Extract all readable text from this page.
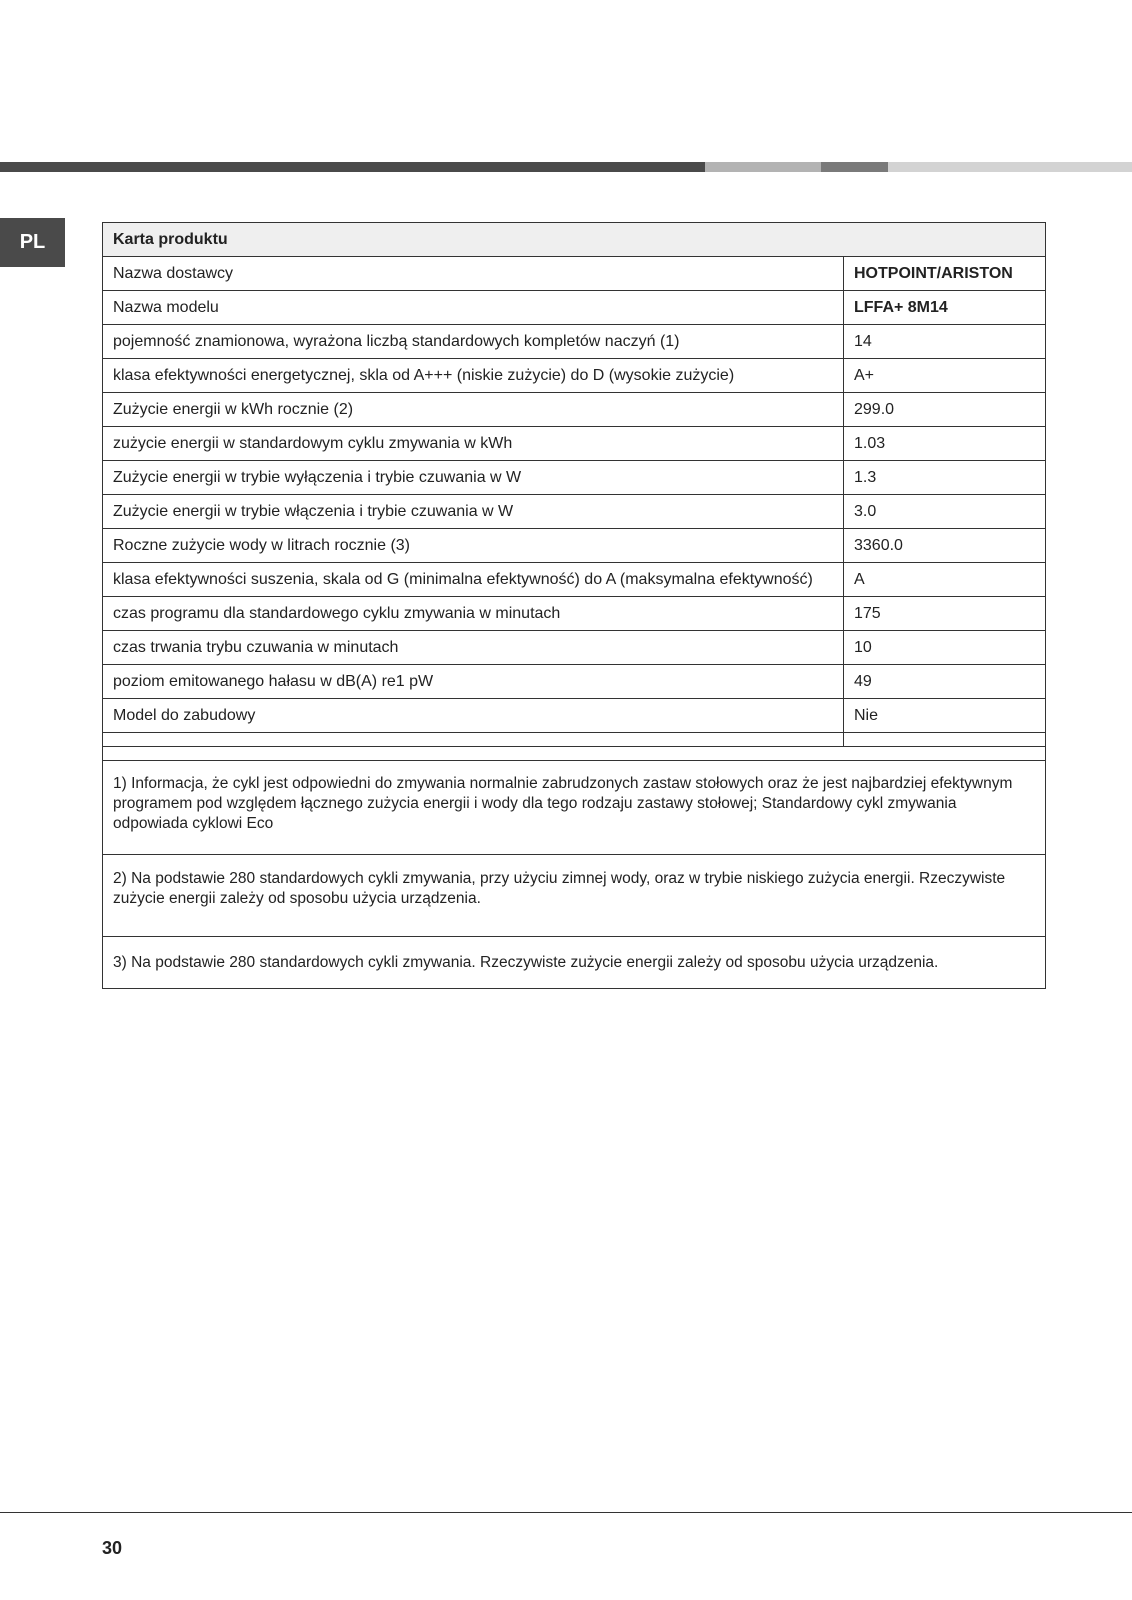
PL	Karta produktu	
Nazwa dostawcy	HOTPOINT/ARISTON
Nazwa modelu	LFFA+ 8M14
pojemność znamionowa, wyrażona liczbą standardowych kompletów naczyń (1)	14
klasa efektywności energetycznej, skla od A+++ (niskie zużycie) do D (wysokie zużycie)	A+
Zużycie energii w kWh rocznie (2)	299.0
zużycie energii w standardowym cyklu zmywania w kWh	1.03
Zużycie energii w trybie wyłączenia i trybie czuwania w W	1.3
Zużycie energii w trybie włączenia i trybie czuwania w W	3.0
Roczne zużycie wody w litrach rocznie (3)	3360.0
klasa efektywności suszenia, skala od G (minimalna efektywność) do A (maksymalna efektywność)	A
czas programu dla standardowego cyklu zmywania w minutach	175
czas trwania trybu czuwania w minutach	10
poziom emitowanego hałasu w dB(A) re1 pW	49
Model do zabudowy	Nie

1) Informacja, że cykl jest odpowiedni do zmywania normalnie zabrudzonych zastaw stołowych oraz że jest najbardziej efektywnym programem pod względem łącznego zużycia energii i wody dla tego rodzaju zastawy stołowej; Standardowy cykl zmywania odpowiada cyklowi Eco	
2) Na podstawie 280 standardowych cykli zmywania, przy użyciu zimnej wody, oraz w trybie niskiego zużycia energii. Rzeczywiste zużycie energii zależy od sposobu użycia urządzenia.	
3) Na podstawie 280 standardowych cykli zmywania. Rzeczywiste zużycie energii zależy od sposobu użycia urządzenia.	
30
